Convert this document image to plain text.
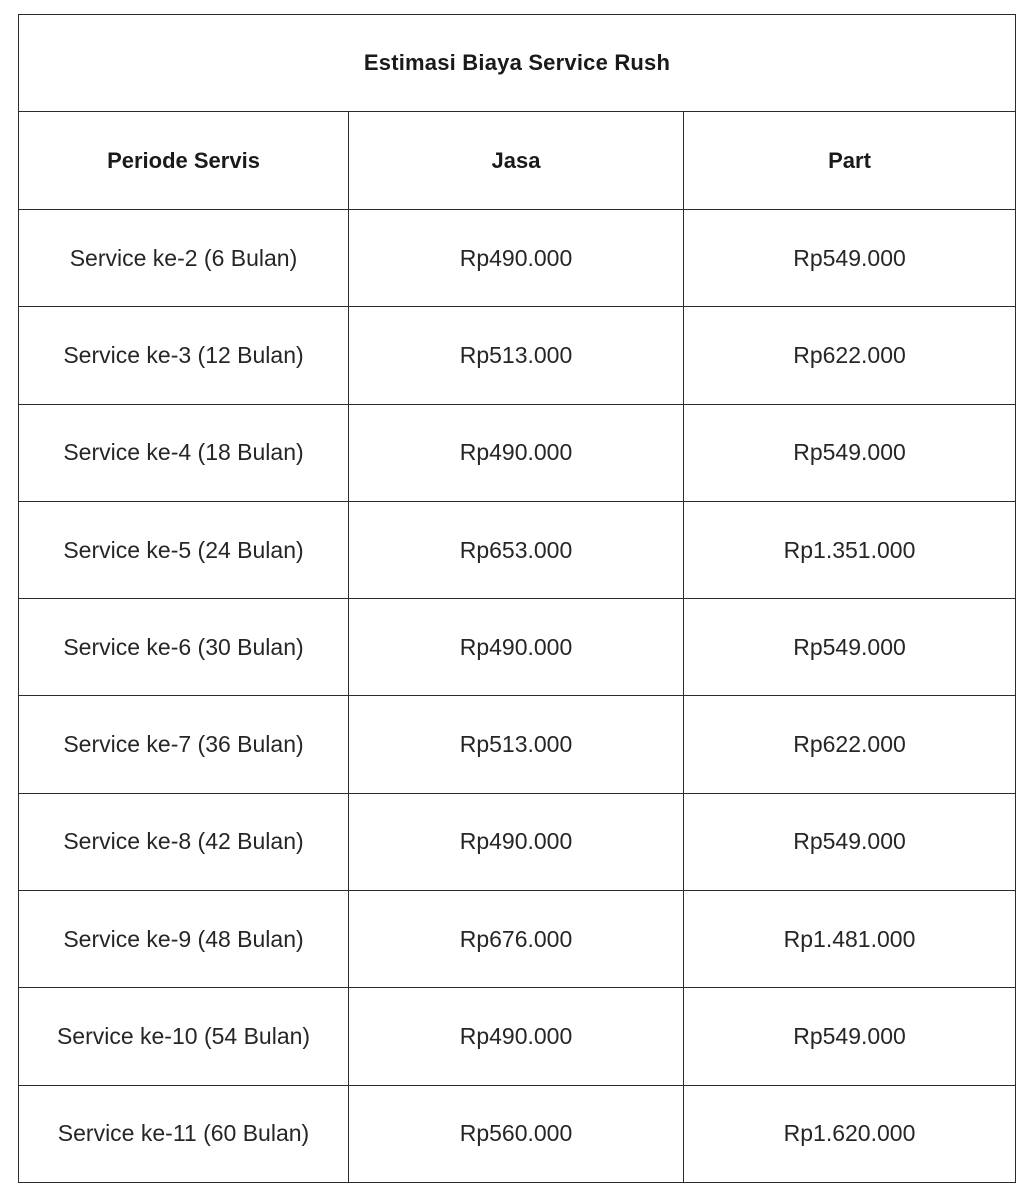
Estimasi Biaya Service Rush		
Periode Servis	Jasa	Part
Service ke-2 (6 Bulan)	Rp490.000	Rp549.000
Service ke-3 (12 Bulan)	Rp513.000	Rp622.000
Service ke-4 (18 Bulan)	Rp490.000	Rp549.000
Service ke-5 (24 Bulan)	Rp653.000	Rp1.351.000
Service ke-6 (30 Bulan)	Rp490.000	Rp549.000
Service ke-7 (36 Bulan)	Rp513.000	Rp622.000
Service ke-8 (42 Bulan)	Rp490.000	Rp549.000
Service ke-9 (48 Bulan)	Rp676.000	Rp1.481.000
Service ke-10 (54 Bulan)	Rp490.000	Rp549.000
Service ke-11 (60 Bulan)	Rp560.000	Rp1.620.000
